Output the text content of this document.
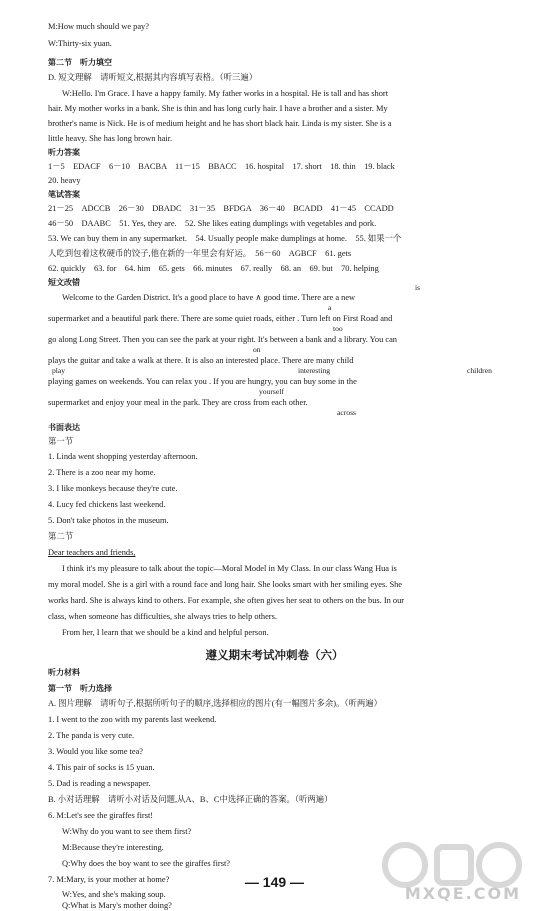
M:How much should we pay?
W:Thirty-six yuan.
第二节　听力填空
D. 短文理解　请听短文,根据其内容填写表格。（听三遍）
W:Hello. I'm Grace. I have a happy family. My father works in a hospital. He is tall and has short
hair. My mother works in a bank. She is thin and has long curly hair. I have a brother and a sister. My
brother's name is Nick. He is of medium height and he has short black hair. Linda is my sister. She is a
little heavy. She has long brown hair.
听力答案
1－5　EDACF　6－10　BACBA　11－15　BBACC　16. hospital　17. short　18. thin　19. black
20. heavy
笔试答案
21－25　ADCCB　26－30　DBADC　31－35　BFDGA　36－40　BCADD　41－45　CCADD
46－50　DAABC　51. Yes, they are.　52. She likes eating dumplings with vegetables and pork.
53. We can buy them in any supermarket.　54. Usually people make dumplings at home.　55. 如果一个
人吃到包着这枚硬币的饺子,他在新的一年里会有好运。　56－60　AGBCF　61. gets
62. quickly　63. for　64. him　65. gets　66. minutes　67. really　68. an　69. but　70. helping
短文改错
Welcome to the Garden District. It's a good place to have ∧ good time. There are a new
a
is
supermarket and a beautiful park there. There are some quiet roads, either . Turn left on First Road and
too
go along Long Street. Then you can see the park at your right. It's between a bank and a library. You can
on
plays the guitar and take a walk at there. It is also an interested place. There are many child
play	interesting	children
playing games on weekends. You can relax you . If you are hungry, you can buy some in the
yourself
supermarket and enjoy your meal in the park. They are cross from each other.
across
书面表达
第一节
1. Linda went shopping yesterday afternoon.
2. There is a zoo near my home.
3. I like monkeys because they're cute.
4. Lucy fed chickens last weekend.
5. Don't take photos in the museum.
第二节
Dear teachers and friends,
I think it's my pleasure to talk about the topic—Moral Model in My Class. In our class Wang Hua is
my moral model. She is a girl with a round face and long hair. She looks smart with her smiling eyes. She
works hard. She is always kind to others. For example, she often gives her seat to others on the bus. In our
class, when someone has difficulties, she always tries to help others.
From her, I learn that we should be a kind and helpful person.
遵义期末考试冲刺卷（六）
听力材料
第一节　听力选择
A. 图片理解　请听句子,根据所听句子的顺序,选择相应的图片(有一幅图片多余)。（听两遍）
1. I went to the zoo with my parents last weekend.
2. The panda is very cute.
3. Would you like some tea?
4. This pair of socks is 15 yuan.
5. Dad is reading a newspaper.
B. 小对话理解　请听小对话及问题,从A、B、C中选择正确的答案。（听两遍）
6. M:Let's see the giraffes first!
W:Why do you want to see them first?
M:Because they're interesting.
Q:Why does the boy want to see the giraffes first?
7. M:Mary, is your mother at home?
W:Yes, and she's making soup.
Q:What is Mary's mother doing?
— 149 —
MXQE.COM
